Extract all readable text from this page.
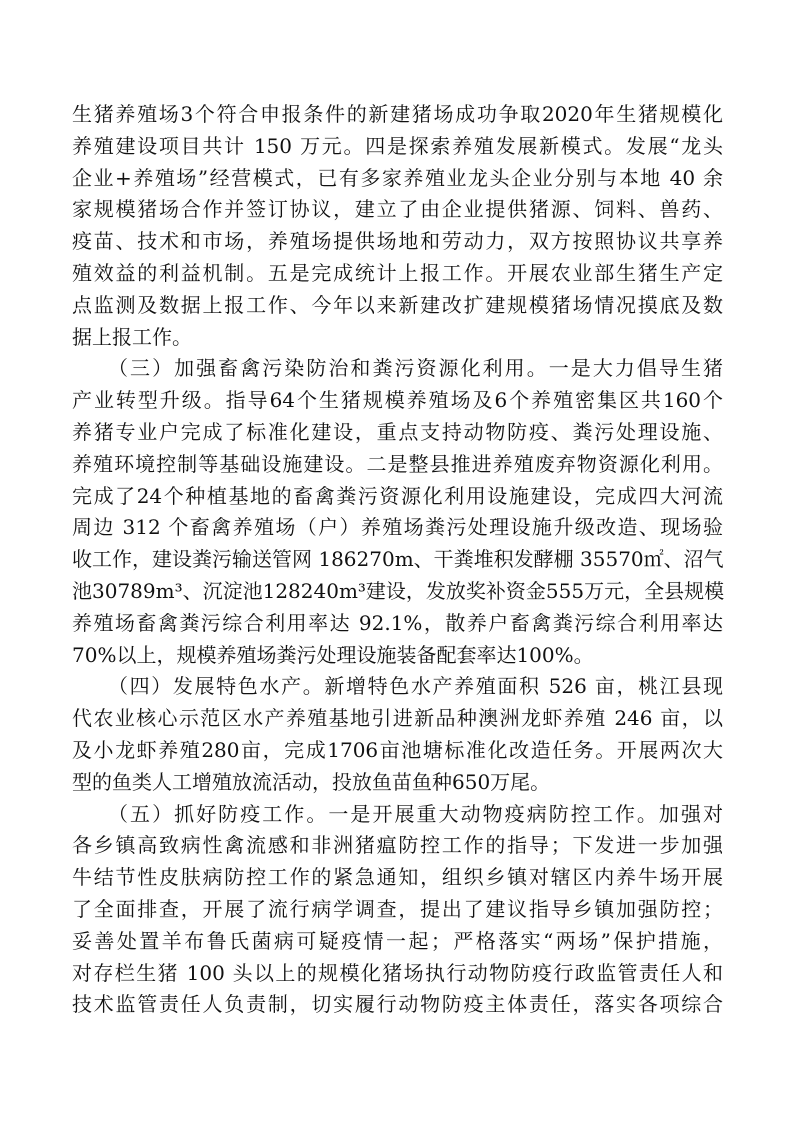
生猪养殖场3个符合申报条件的新建猪场成功争取2020年生猪规模化
养殖建设项目共计 150 万元。四是探索养殖发展新模式。发展“龙头
企业+养殖场”经营模式，已有多家养殖业龙头企业分别与本地 40 余
家规模猪场合作并签订协议，建立了由企业提供猪源、饲料、兽药、
疫苗、技术和市场，养殖场提供场地和劳动力，双方按照协议共享养
殖效益的利益机制。五是完成统计上报工作。开展农业部生猪生产定
点监测及数据上报工作、今年以来新建改扩建规模猪场情况摸底及数
据上报工作。
（三）加强畜禽污染防治和粪污资源化利用。一是大力倡导生猪
产业转型升级。指导64个生猪规模养殖场及6个养殖密集区共160个
养猪专业户完成了标准化建设，重点支持动物防疫、粪污处理设施、
养殖环境控制等基础设施建设。二是整县推进养殖废弃物资源化利用。
完成了24个种植基地的畜禽粪污资源化利用设施建设，完成四大河流
周边 312 个畜禽养殖场（户）养殖场粪污处理设施升级改造、现场验
收工作，建设粪污输送管网 186270m、干粪堆积发酵棚 35570㎡、沼气
池30789m³、沉淀池128240m³建设，发放奖补资金555万元，全县规模
养殖场畜禽粪污综合利用率达 92.1%，散养户畜禽粪污综合利用率达
70%以上，规模养殖场粪污处理设施装备配套率达100%。
（四）发展特色水产。新增特色水产养殖面积 526 亩，桃江县现
代农业核心示范区水产养殖基地引进新品种澳洲龙虾养殖 246 亩，以
及小龙虾养殖280亩，完成1706亩池塘标准化改造任务。开展两次大
型的鱼类人工增殖放流活动，投放鱼苗鱼种650万尾。
（五）抓好防疫工作。一是开展重大动物疫病防控工作。加强对
各乡镇高致病性禽流感和非洲猪瘟防控工作的指导；下发进一步加强
牛结节性皮肤病防控工作的紧急通知，组织乡镇对辖区内养牛场开展
了全面排查，开展了流行病学调查，提出了建议指导乡镇加强防控；
妥善处置羊布鲁氏菌病可疑疫情一起；严格落实“两场”保护措施，
对存栏生猪 100 头以上的规模化猪场执行动物防疫行政监管责任人和
技术监管责任人负责制，切实履行动物防疫主体责任，落实各项综合
